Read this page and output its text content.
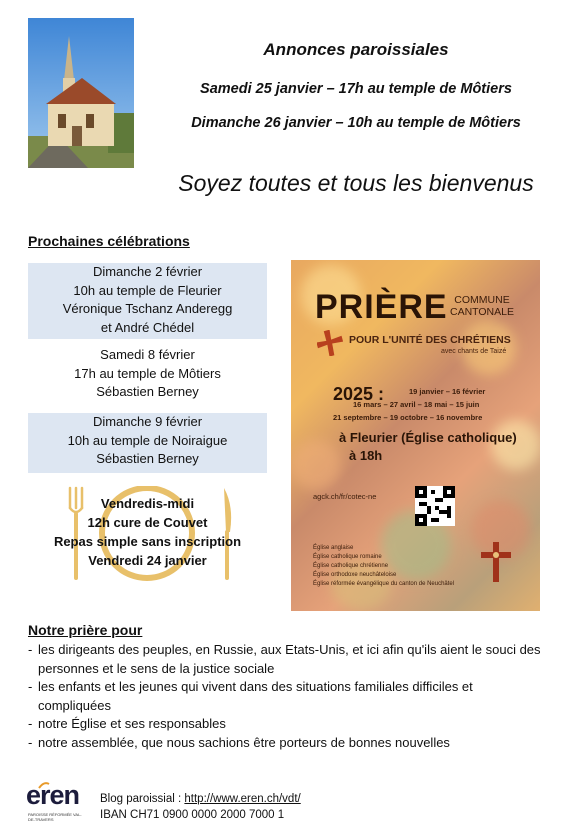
Annonces paroissiales
Samedi 25 janvier – 17h au temple de Môtiers
Dimanche 26 janvier – 10h au temple de Môtiers
Soyez toutes et tous les bienvenus
Prochaines célébrations
Dimanche 2 février
10h au temple de Fleurier
Véronique Tschanz Anderegg
et André Chédel
Samedi 8 février
17h au temple de Môtiers
Sébastien Berney
Dimanche 9 février
10h au temple de Noiraigue
Sébastien Berney
Vendredis-midi
12h cure de Couvet
Repas simple sans inscription
Vendredi 24 janvier
PRIÈRE COMMUNE
CANTONALE
POUR L'UNITÉ DES CHRÉTIENS
avec chants de Taizé
2025 :	19 janvier – 16 février
16 mars – 27 avril – 18 mai – 15 juin
21 septembre – 19 octobre – 16 novembre
à Fleurier (Église catholique)
à 18h
agck.ch/fr/cotec-ne
Église anglaise
Église catholique romaine
Église catholique chrétienne
Église orthodoxe neuchâteloise
Église réformée évangélique du canton de Neuchâtel
Notre prière pour
- les dirigeants des peuples, en Russie, aux Etats-Unis, et ici afin qu'ils aient le souci des personnes et le sens de la justice sociale
- les enfants et les jeunes qui vivent dans des situations familiales difficiles et compliquées
- notre Église et ses responsables
- notre assemblée, que nous sachions être porteurs de bonnes nouvelles
eren
PAROISSE RÉFORMÉE VAL-DE-TRAVERS
Blog paroissial : http://www.eren.ch/vdt/
IBAN CH71 0900 0000 2000 7000 1
